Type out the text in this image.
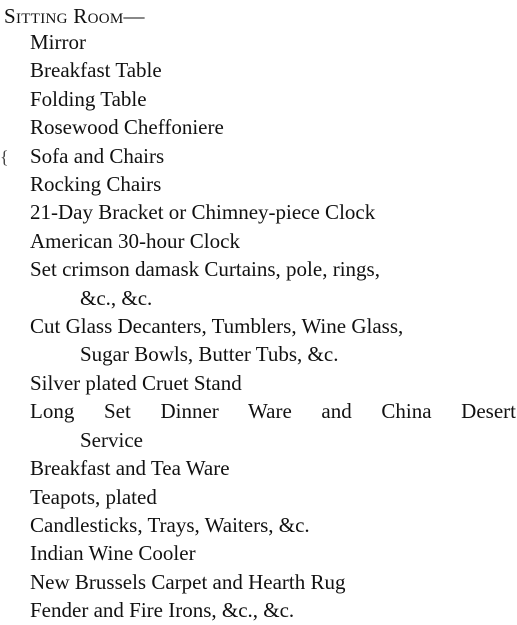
Sitting Room—
{
Mirror
Breakfast Table
Folding Table
Rosewood Cheffoniere
Sofa and Chairs
Rocking Chairs
21-Day Bracket or Chimney-piece Clock
American 30-hour Clock
Set crimson damask Curtains, pole, rings,
&c., &c.
Cut Glass Decanters, Tumblers, Wine Glass,
Sugar Bowls, Butter Tubs, &c.
Silver plated Cruet Stand
Long Set Dinner Ware and China Desert
Service
Breakfast and Tea Ware
Teapots, plated
Candlesticks, Trays, Waiters, &c.
Indian Wine Cooler
New Brussels Carpet and Hearth Rug
Fender and Fire Irons, &c., &c.
